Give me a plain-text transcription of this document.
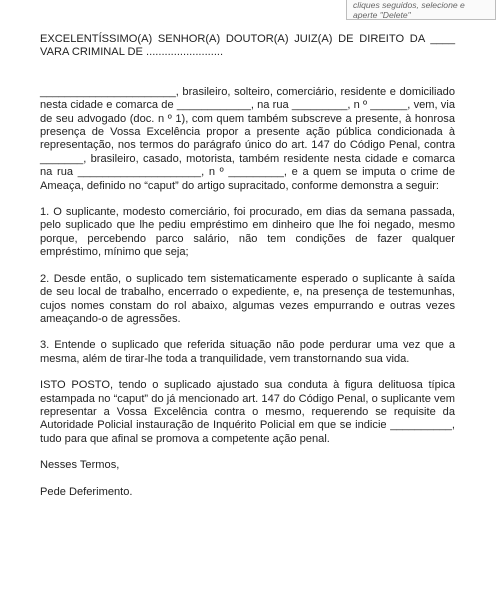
cliques seguidos, selecione e
aperte "Delete"

EXCELENTÍSSIMO(A) SENHOR(A) DOUTOR(A) JUIZ(A) DE DIREITO DA ____ VARA CRIMINAL DE .........................

______________________, brasileiro, solteiro, comerciário, residente e domiciliado nesta cidade e comarca de ____________, na rua _________, n º ______, vem, via de seu advogado (doc. n º 1), com quem também subscreve a presente, à honrosa presença de Vossa Excelência propor a presente ação pública condicionada à representação, nos termos do parágrafo único do art. 147 do Código Penal, contra _______, brasileiro, casado, motorista, também residente nesta cidade e comarca na rua ____________________, n º _________, e a quem se imputa o crime de Ameaça, definido no “caput” do artigo supracitado, conforme demonstra a seguir:

1. O suplicante, modesto comerciário, foi procurado, em dias da semana passada, pelo suplicado que lhe pediu empréstimo em dinheiro que lhe foi negado, mesmo porque, percebendo parco salário, não tem condições de fazer qualquer empréstimo, mínimo que seja;

2. Desde então, o suplicado tem sistematicamente esperado o suplicante à saída de seu local de trabalho, encerrado o expediente, e, na presença de testemunhas, cujos nomes constam do rol abaixo, algumas vezes empurrando e outras vezes ameaçando-o de agressões.

3. Entende o suplicado que referida situação não pode perdurar uma vez que a mesma, além de tirar-lhe toda a tranquilidade, vem transtornando sua vida.

ISTO POSTO, tendo o suplicado ajustado sua conduta à figura delituosa típica estampada no “caput” do já mencionado art. 147 do Código Penal, o suplicante vem representar a Vossa Excelência contra o mesmo, requerendo se requisite da Autoridade Policial instauração de Inquérito Policial em que se indicie __________, tudo para que afinal se promova a competente ação penal.

Nesses Termos,

Pede Deferimento.
